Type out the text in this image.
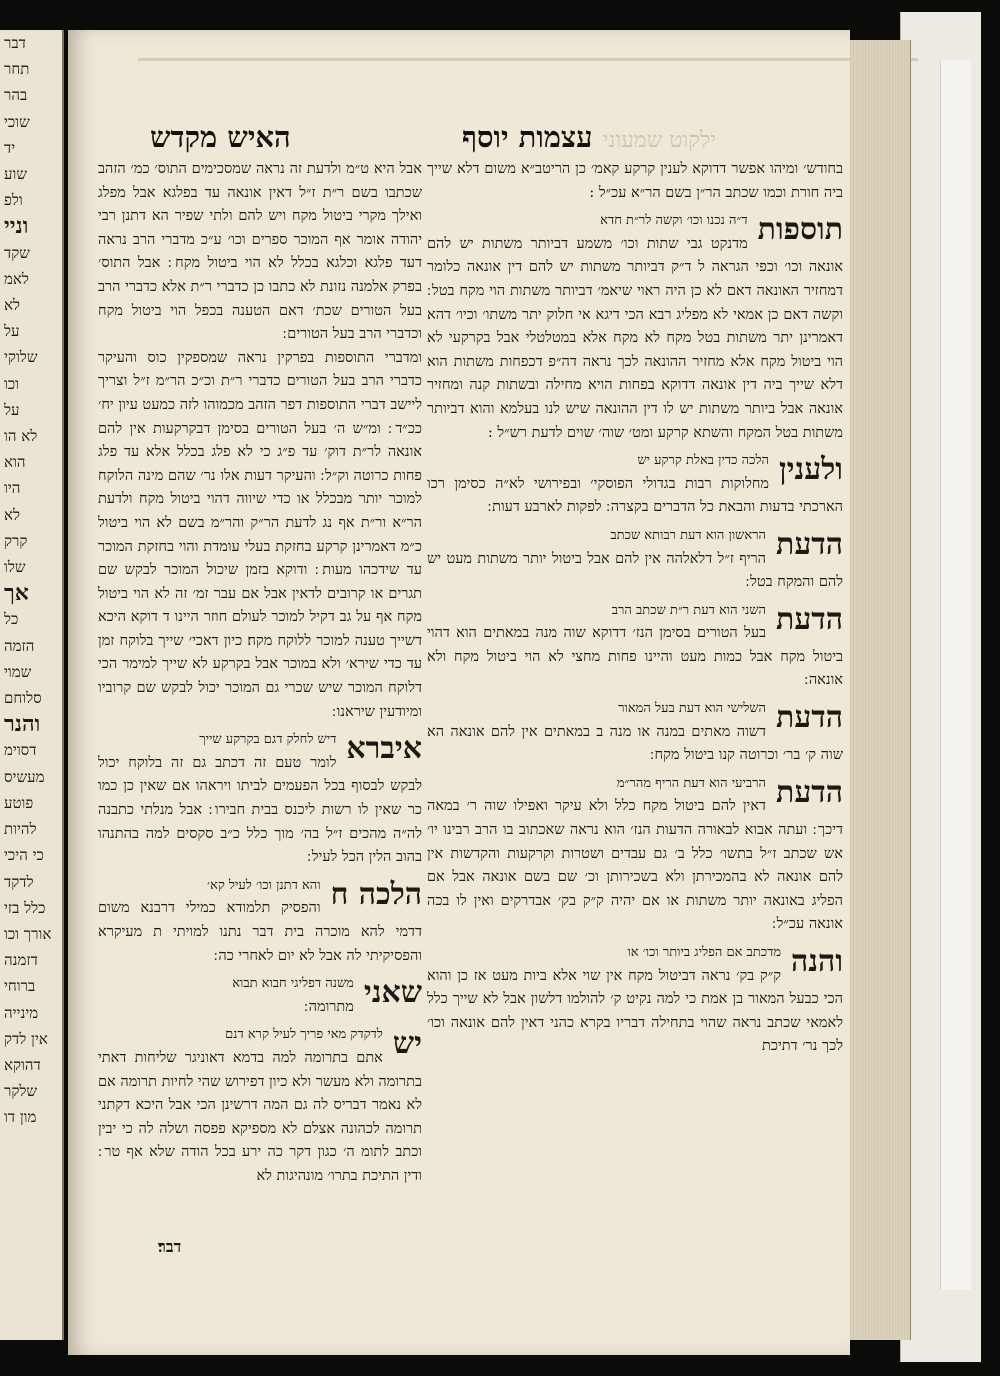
דבר
תחר
בהר
שוכי
יד
שוע
ולפ
וניי
שקד
לאמ
לא
על
שלוקי
וכו
על
לא הו
הוא
היו
לא
קרק
שלו
אך
כל
הזמה
שמוי
סלוחם
והנר
דסוימ
מעשיס
פוטע
להיות
כי היכי
לדקד
כלל בזי
אורך וכו
דזמנה
ברוחי
מינייה
אין לדק
דהוקא
שלקר
מון דו
ילקוט שמעוני עצמות יוסף
האיש מקדש

בחודש׳ ומיהו אפשר דדוקא לענין קרקע קאמ׳ כן הריטב״א משום דלא שייך ביה חורת וכמו שכתב הר״ן בשם הר״א עכ״ל :

תוספות
ד״ה נכנו וכו׳ וקשה לר״ת חדא
מדנקט גבי שתות וכו׳ משמע דביותר משתות יש להם אונאה וכו׳ וכפי הגראה ל ד״ק דביותר משתות יש להם דין אונאה כלומר דמחזיר האונאה דאם לא כן היה ראוי שיאמ׳ דביותר משתות הוי מקח בטל ׃ וקשה דאם כן אמאי לא מפליג רבא הכי דיגא אי חלוק יתר משתו׳ וכיו׳ דהא דאמרינן יתר משתות בטל מקח לא מקח אלא במטלטלי אבל בקרקעי לא הוי ביטול מקח אלא מחזיר ההונאה לכך נראה דה״פ דכפחות משתות הוא דלא שייך ביה דין אונאה דדוקא בפחות הויא מחילה ובשתות קנה ומחזיר אונאה אבל ביותר משתות יש לו דין ההונאה שיש לנו בעלמא והוא דביותר משתות בטל המקח והשתא קרקע ומט׳ שוה׳ שוים לדעת רש״ל :

ולענין
הלכה כדין באלת קרקע יש
מחלוקות רבות בגדולי הפוסקי׳ ובפירושי לא״ה כסימן רכו הארכתי בדעות והבאת כל הדברים בקצרה ׃ לפקות לארבע דעות ׃

הדעת
הראשון הוא דעת רבותא שכתב
הריף ז״ל דלאלהה אין להם אבל ביטול יותר משתות מעט יש להם והמקח בטל ׃

הדעת
השני הוא דעת ר״ת שכתב הרב
בעל הטורים בסימן הנז׳ דדוקא שוה מנה במאתים הוא דהוי ביטול מקח אבל כמות מעט והיינו פחות מחצי לא הוי ביטול מקח ולא אונאה ׃

הדעת
השלישי הוא דעת בעל המאור
דשוה מאתים במנה או מנה ב במאתים אין להם אונאה הא שוה ק׳ בר׳ וכרוטה קנו ביטול מקח ׃

הדעת
הרביעי הוא דעת הריף מהר״מ
דאין להם ביטול מקח כלל ולא עיקר ואפילו שוה ר׳ במאה דיכך ׃ ועתה אבוא לבאורה הדעות הנז׳ הוא נראה שאכתוב בו הרב רבינו יו׳ אש שכתב ז״ל בתשו׳ כלל ב׳ גם עבדים ושטרות וקרקעות והקדשות אין להם אונאה לא בהמכירתן ולא בשכירותן וכ׳ שם בשם אונאה אבל אם הפליג באונאה יותר משתות או אם יהיה ק״ק בק׳ אבדרקים ואין לו בכה אונאה עכ״ל ׃

והנה
מדכתב אם הפליג ביותר וכו׳ או
ק״ק בק׳ נראה דביטול מקח אין שוי אלא ביות מעט אז כן והוא הכי כבעל המאור בן אמת כי למה נקיט ק׳ להולמו דלשון אבל לא שייך כלל לאמאי שכתב נראה שהוי בתחילה דבריו בקרא כהני דאין להם אונאה וכו׳ לכך נר׳ דתיכת

אבל היא ט״מ ולדעת זה נראה שמסכימים התוס׳ כמ׳ הזהב שכתבו בשם ר״ת ז״ל דאין אונאה עד בפלגא אבל מפלג ואילך מקרי ביטול מקח ויש להם ולתי שפיר הא דתנן רבי יהודה אומר אף המוכר ספרים וכו׳ ע״כ מדברי הרב נראה דעד פלגא וכלגא בכלל לא הוי ביטול מקח ׃ אבל התוס׳ בפרק אלמנה נזונת לא כתבו כן כדברי ר״ת אלא כדברי הרב בעל הטורים שכת׳ דאם הטענה בכפל הוי ביטול מקח וכדברי הרב בעל הטורים ׃

ומדברי התוספות בפרקין נראה שמספקין כוס והעיקר כדברי הרב בעל הטורים כדברי ר״ת וכ״כ הר״מ ז״ל וצריך ליישב דברי התוספות דפר הזהב מכמוהו לזה כמעט עיון יח׳ ככ״ד ׃ ומ״ש ה׳ בעל הטורים בסימן דבקרקעות אין להם אונאה לר״ת דוק׳ עד פ״ג כי לא פלג בכלל אלא עד פלג פחות כרוטה וק״ל ׃ והעיקר דעות אלו נר׳ שהם מינה הלוקח למוכר יותר מבכלל או כדי שיווה דהוי ביטול מקח ולדעת הר״א ור״ת אף נג לדעת הר״ק והר״מ בשם לא הוי ביטול כ״מ דאמרינן קרקע בחזקת בעלי עומדת והוי בחזקת המוכר עד שידכהו מעות ׃ ודוקא בזמן שיכול המוכר לבקש שם תגרים או קרובים לדאין אבל אם עבר זמ׳ זה לא הוי ביטול מקח אף על גב דקיל למוכר לעולם חוזר היינו ד דוקא היכא דשייך טענה למוכר ללוקח מקח׃ כיון דאכי׳ שייך בלוקח זמן עד כדי שירא׳ ולא במוכר אבל בקרקע לא שייך למימר הכי דלוקח המוכר שיש שכרי גם המוכר יכול לבקש שם קרוביו ומיודעין שיראנו ׃

איברא
דיש לחלק דגם בקרקע שייך
לומר טעם זה דכתב גם זה בלוקח יכול לבקש לבסוף בכל הפעמים לביתו ויראהו אם שאין כן כמו כר שאין לו רשות ליכנס בבית חבירו ׃ אבל מנלתי כתבנה לה״ה מהכים ז״ל בה׳ מוך כלל כ״ב סקסים למה בהתנהו בהוב הלין הכל לעיל ׃

הלכה ח
והא דתנן וכו׳ לעיל קא׳
והפסיק תלמודא כמילי דרבנא משום דדמי להא מוכרה בית דבר נתנו למויתי ת מעיקרא והפסיקיתי לה אבל לא יום לאחרי כה ׃

שאני
משנה דפליגי חבוא תבוא
מתרומה ׃

יש
לדקדק מאי פריך לעיל קרא דנם
אתם בתרומה למה בדמא דאוניגר שליחות דאתי בתרומה ולא מעשר ולא כיון דפירוש שהי לחיות תרומה אם לא נאמר דבריס לה גם המה דרשינן הכי אבל היכא דקתני תרומה לכהונה אצלם לא מספיקא פפסה ושלה לה כי יבין וכתב לתומ ה׳ כגון דקר כה ירע בכל הודה שלא אף טר ׃ ודין התיכת בתרו׳ מונהיגות לא

דבר׃
